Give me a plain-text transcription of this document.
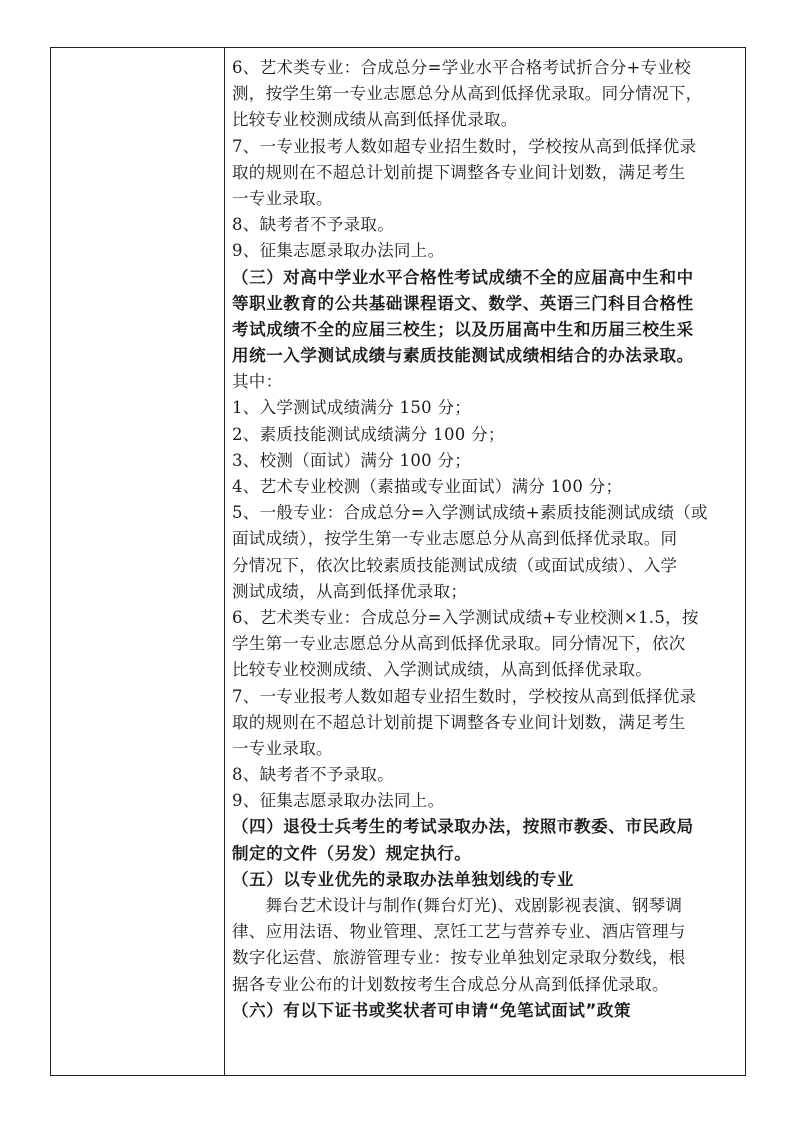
6、艺术类专业：合成总分=学业水平合格考试折合分+专业校
测，按学生第一专业志愿总分从高到低择优录取。同分情况下，
比较专业校测成绩从高到低择优录取。
7、一专业报考人数如超专业招生数时，学校按从高到低择优录
取的规则在不超总计划前提下调整各专业间计划数，满足考生
一专业录取。
8、缺考者不予录取。
9、征集志愿录取办法同上。
（三）对高中学业水平合格性考试成绩不全的应届高中生和中
等职业教育的公共基础课程语文、数学、英语三门科目合格性
考试成绩不全的应届三校生；以及历届高中生和历届三校生采
用统一入学测试成绩与素质技能测试成绩相结合的办法录取。
其中：
1、入学测试成绩满分 150 分；
2、素质技能测试成绩满分 100 分；
3、校测（面试）满分 100 分；
4、艺术专业校测（素描或专业面试）满分 100 分；
5、一般专业：合成总分=入学测试成绩+素质技能测试成绩（或
面试成绩），按学生第一专业志愿总分从高到低择优录取。同
分情况下，依次比较素质技能测试成绩（或面试成绩）、入学
测试成绩，从高到低择优录取；
6、艺术类专业：合成总分=入学测试成绩+专业校测×1.5，按
学生第一专业志愿总分从高到低择优录取。同分情况下，依次
比较专业校测成绩、入学测试成绩，从高到低择优录取。
7、一专业报考人数如超专业招生数时，学校按从高到低择优录
取的规则在不超总计划前提下调整各专业间计划数，满足考生
一专业录取。
8、缺考者不予录取。
9、征集志愿录取办法同上。
（四）退役士兵考生的考试录取办法，按照市教委、市民政局
制定的文件（另发）规定执行。
（五）以专业优先的录取办法单独划线的专业
　　舞台艺术设计与制作(舞台灯光)、戏剧影视表演、钢琴调
律、应用法语、物业管理、烹饪工艺与营养专业、酒店管理与
数字化运营、旅游管理专业：按专业单独划定录取分数线，根
据各专业公布的计划数按考生合成总分从高到低择优录取。
（六）有以下证书或奖状者可申请“免笔试面试”政策
